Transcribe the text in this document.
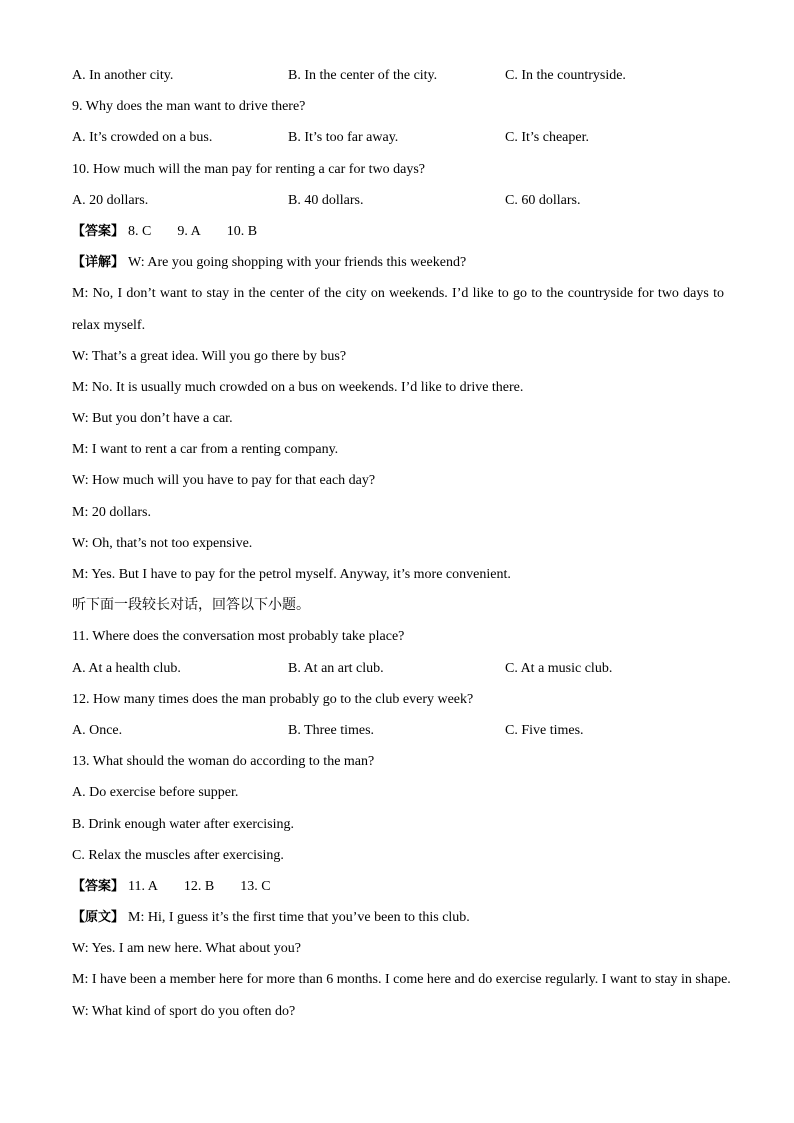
A. In another city.	B. In the center of the city.	C. In the countryside.
9. Why does the man want to drive there?
A. It’s crowded on a bus.	B. It’s too far away.	C. It’s cheaper.
10. How much will the man pay for renting a car for two days?
A. 20 dollars.	B. 40 dollars.	C. 60 dollars.
【答案】 8. C 9. A 10. B
【详解】 W: Are you going shopping with your friends this weekend?
M: No, I don’t want to stay in the center of the city on weekends. I’d like to go to the countryside for two days to relax myself.
W: That’s a great idea. Will you go there by bus?
M: No. It is usually much crowded on a bus on weekends. I’d like to drive there.
W: But you don’t have a car.
M: I want to rent a car from a renting company.
W: How much will you have to pay for that each day?
M: 20 dollars.
W: Oh, that’s not too expensive.
M: Yes. But I have to pay for the petrol myself. Anyway, it’s more convenient.
听下面一段较长对话，回答以下小题。
11. Where does the conversation most probably take place?
A. At a health club.	B. At an art club.	C. At a music club.
12. How many times does the man probably go to the club every week?
A. Once.	B. Three times.	C. Five times.
13. What should the woman do according to the man?
A. Do exercise before supper.
B. Drink enough water after exercising.
C. Relax the muscles after exercising.
【答案】 11. A 12. B 13. C
【原文】 M: Hi, I guess it’s the first time that you’ve been to this club.
W: Yes. I am new here. What about you?
M: I have been a member here for more than 6 months. I come here and do exercise regularly. I want to stay in shape.
W: What kind of sport do you often do?
